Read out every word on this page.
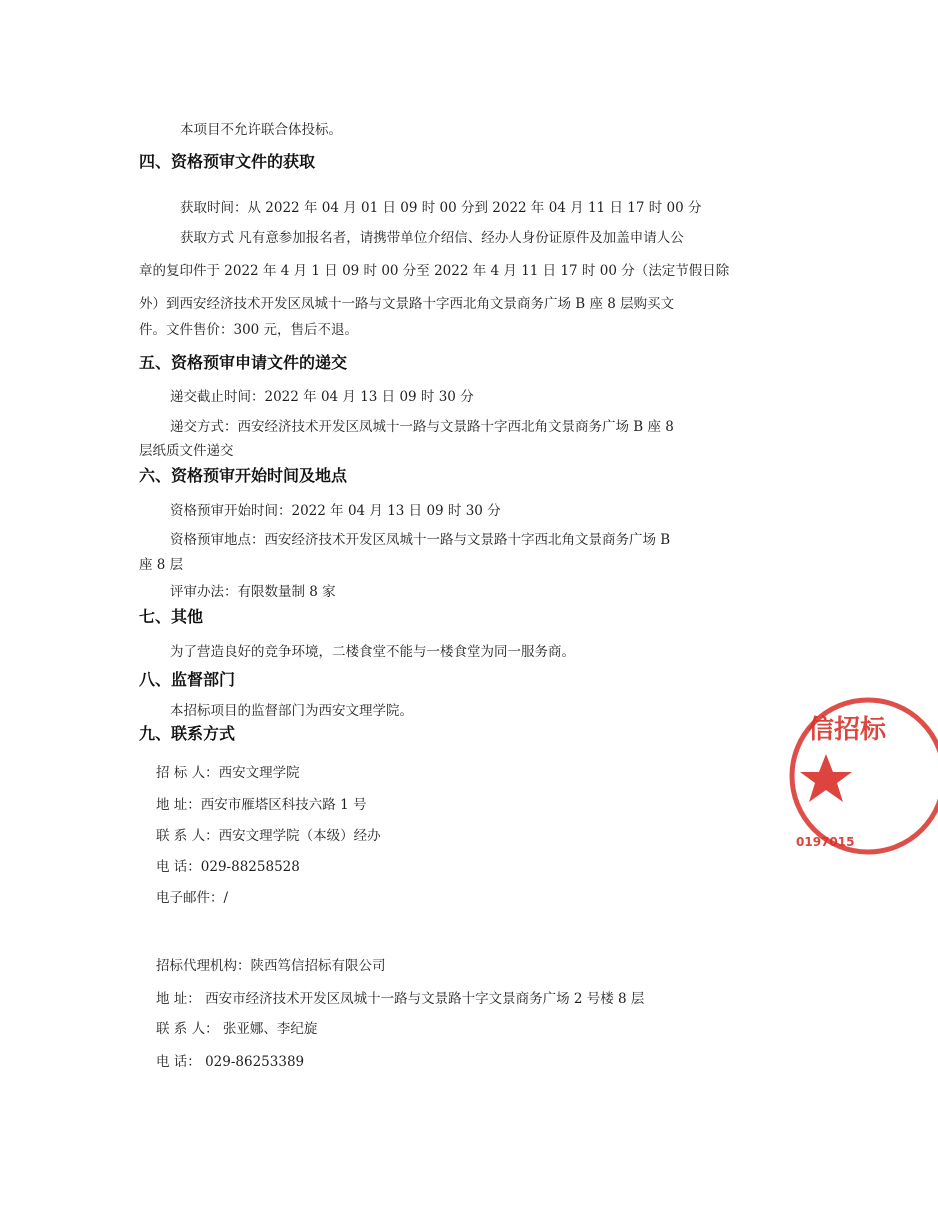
本项目不允许联合体投标。
四、资格预审文件的获取
获取时间：从 2022 年 04 月 01 日 09 时 00 分到 2022 年 04 月 11 日 17 时 00 分
获取方式 凡有意参加报名者，请携带单位介绍信、经办人身份证原件及加盖申请人公
章的复印件于 2022 年 4 月 1 日 09 时 00 分至 2022 年 4 月 11 日 17 时 00 分（法定节假日除
外）到西安经济技术开发区凤城十一路与文景路十字西北角文景商务广场 B 座 8 层购买文
件。文件售价：300 元，售后不退。
五、资格预审申请文件的递交
递交截止时间：2022 年 04 月 13 日 09 时 30 分
递交方式：西安经济技术开发区凤城十一路与文景路十字西北角文景商务广场 B 座 8
层纸质文件递交
六、资格预审开始时间及地点
资格预审开始时间：2022 年 04 月 13 日 09 时 30 分
资格预审地点：西安经济技术开发区凤城十一路与文景路十字西北角文景商务广场 B
座 8 层
评审办法：有限数量制 8 家
七、其他
为了营造良好的竞争环境，二楼食堂不能与一楼食堂为同一服务商。
八、监督部门
本招标项目的监督部门为西安文理学院。
九、联系方式
招 标 人：西安文理学院
地 址：西安市雁塔区科技六路 1 号
联 系 人：西安文理学院（本级）经办
电 话：029-88258528
电子邮件：/
招标代理机构：陕西笃信招标有限公司
地 址： 西安市经济技术开发区凤城十一路与文景路十字文景商务广场 2 号楼 8 层
联 系 人： 张亚娜、李纪旋
电 话： 029-86253389
信招标
0197015
